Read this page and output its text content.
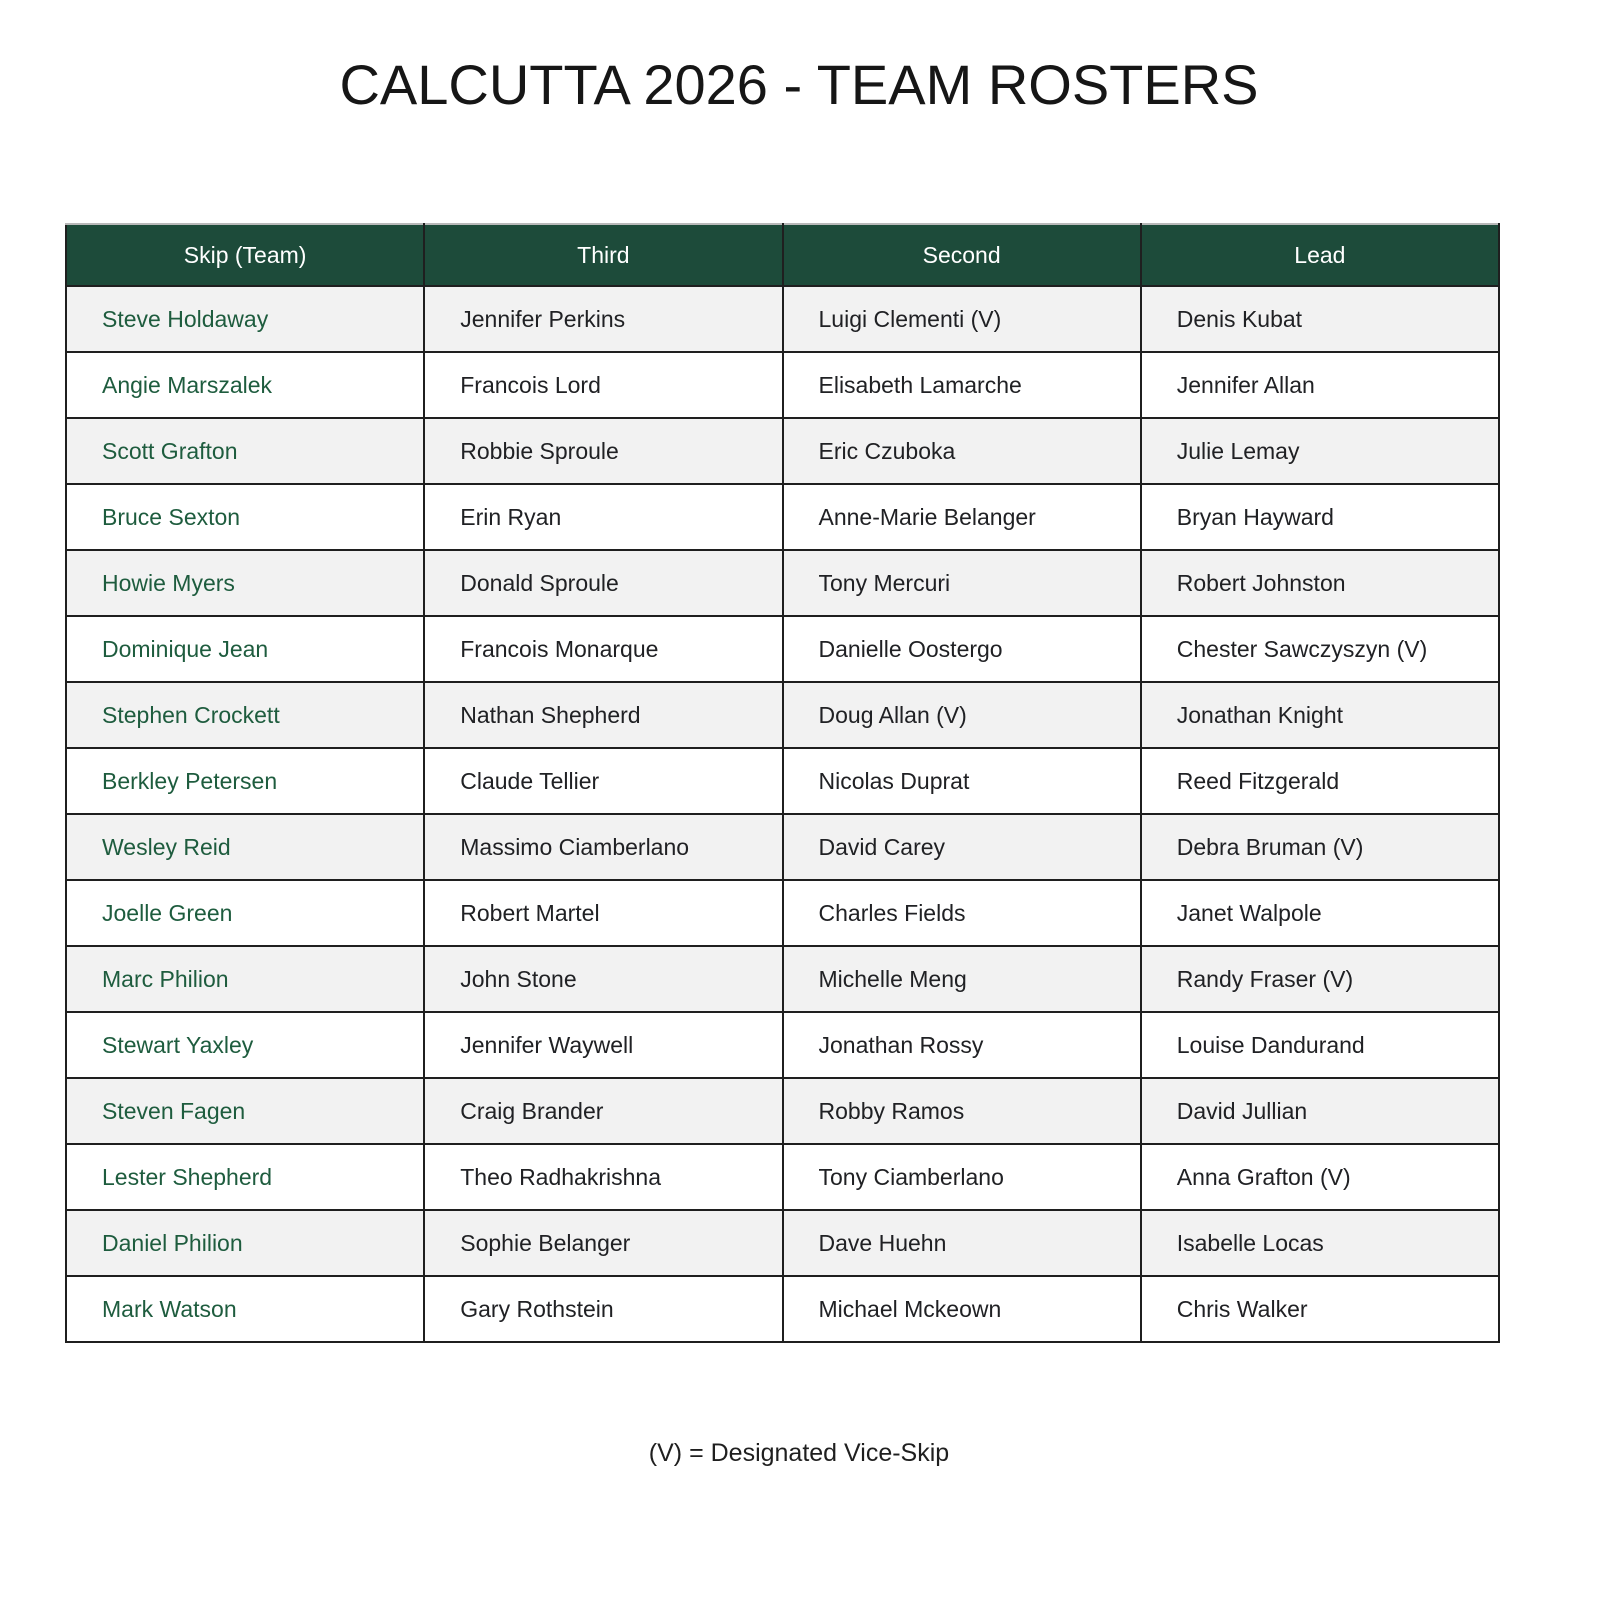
CALCUTTA 2026 - TEAM ROSTERS
Skip (Team)	Third	Second	Lead
Steve Holdaway	Jennifer Perkins	Luigi Clementi (V)	Denis Kubat
Angie Marszalek	Francois Lord	Elisabeth Lamarche	Jennifer Allan
Scott Grafton	Robbie Sproule	Eric Czuboka	Julie Lemay
Bruce Sexton	Erin Ryan	Anne-Marie Belanger	Bryan Hayward
Howie Myers	Donald Sproule	Tony Mercuri	Robert Johnston
Dominique Jean	Francois Monarque	Danielle Oostergo	Chester Sawczyszyn (V)
Stephen Crockett	Nathan Shepherd	Doug Allan (V)	Jonathan Knight
Berkley Petersen	Claude Tellier	Nicolas Duprat	Reed Fitzgerald
Wesley Reid	Massimo Ciamberlano	David Carey	Debra Bruman (V)
Joelle Green	Robert Martel	Charles Fields	Janet Walpole
Marc Philion	John Stone	Michelle Meng	Randy Fraser (V)
Stewart Yaxley	Jennifer Waywell	Jonathan Rossy	Louise Dandurand
Steven Fagen	Craig Brander	Robby Ramos	David Jullian
Lester Shepherd	Theo Radhakrishna	Tony Ciamberlano	Anna Grafton (V)
Daniel Philion	Sophie Belanger	Dave Huehn	Isabelle Locas
Mark Watson	Gary Rothstein	Michael Mckeown	Chris Walker
(V) = Designated Vice-Skip
